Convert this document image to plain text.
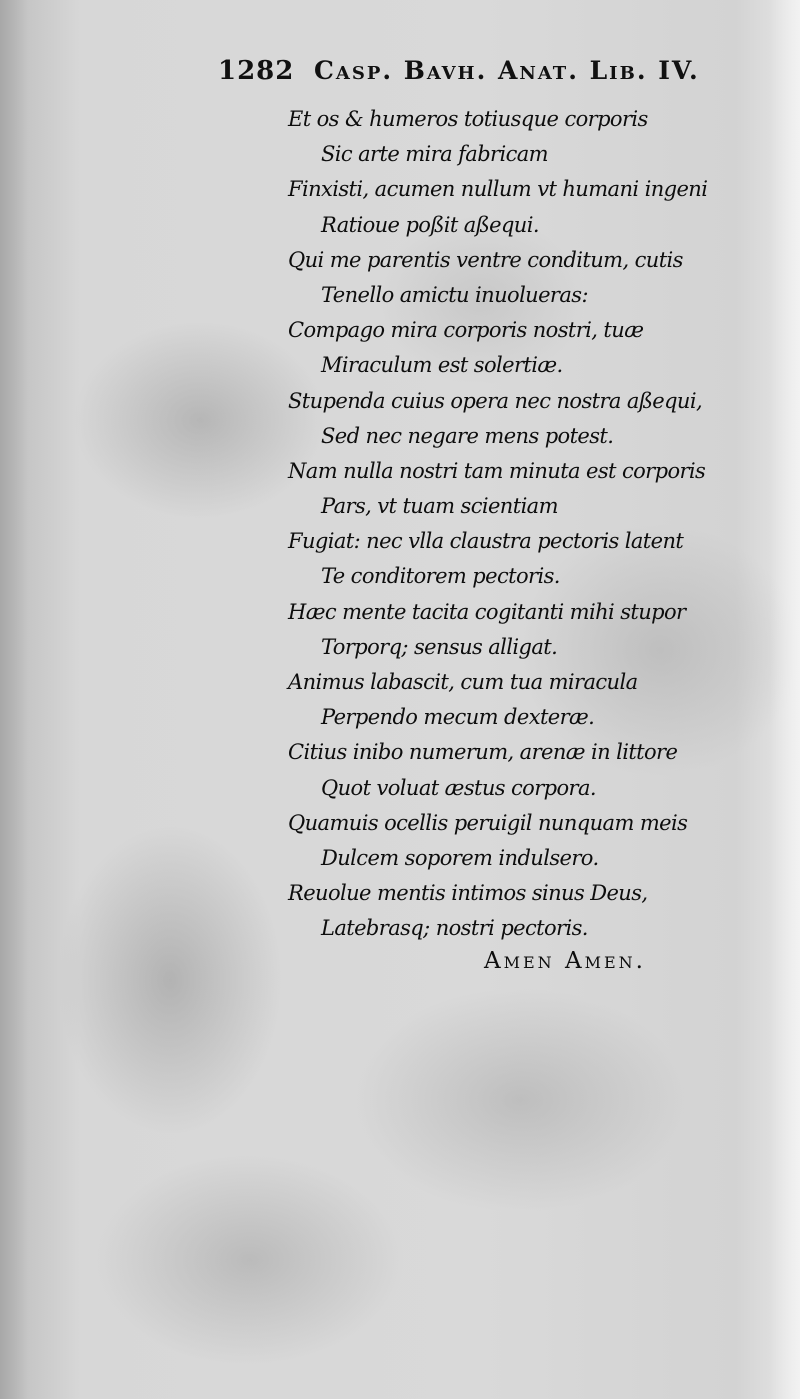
1282 Casp. Bavh. Anat. Lib. IV.
Et os & humeros totiusque corporis
Sic arte mira fabricam
Finxisti, acumen nullum vt humani ingeni
Ratioue poßit aßequi.
Qui me parentis ventre conditum, cutis
Tenello amictu inuolueras:
Compago mira corporis nostri, tuæ
Miraculum est solertiæ.
Stupenda cuius opera nec nostra aßequi,
Sed nec negare mens potest.
Nam nulla nostri tam minuta est corporis
Pars, vt tuam scientiam
Fugiat: nec vlla claustra pectoris latent
Te conditorem pectoris.
Hæc mente tacita cogitanti mihi stupor
Torporq; sensus alligat.
Animus labascit, cum tua miracula
Perpendo mecum dexteræ.
Citius inibo numerum, arenæ in littore
Quot voluat æstus corpora.
Quamuis ocellis peruigil nunquam meis
Dulcem soporem indulsero.
Reuolue mentis intimos sinus Deus,
Latebrasq; nostri pectoris.
Amen Amen.
